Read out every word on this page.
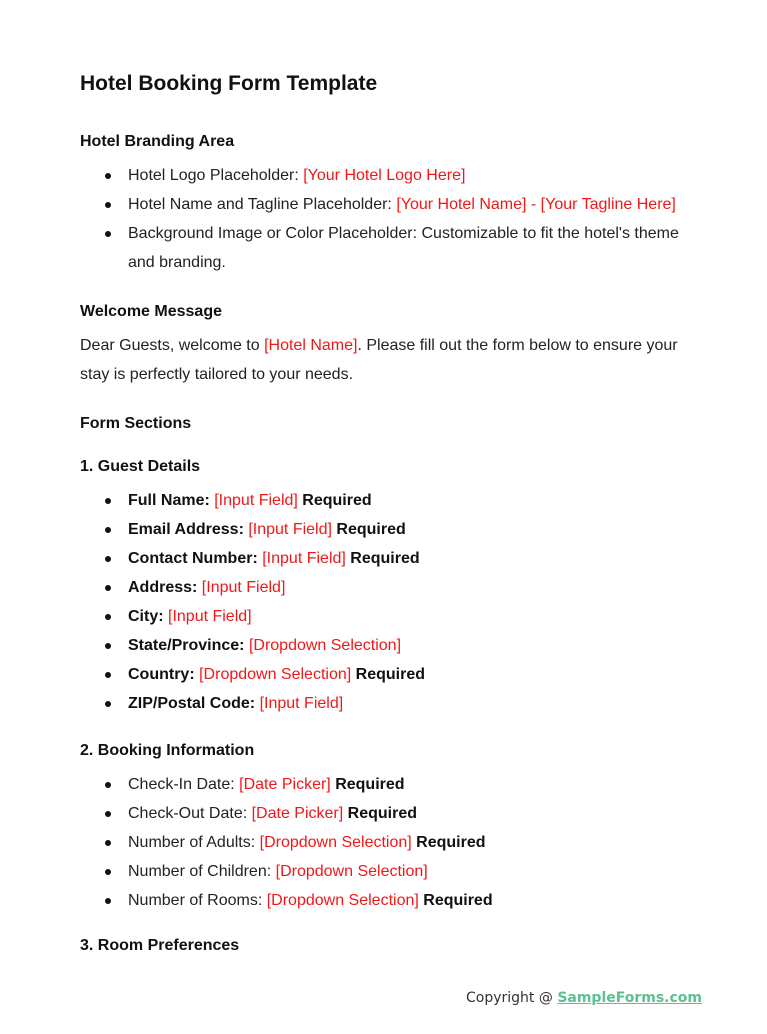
Hotel Booking Form Template
Hotel Branding Area
Hotel Logo Placeholder: [Your Hotel Logo Here]
Hotel Name and Tagline Placeholder: [Your Hotel Name] - [Your Tagline Here]
Background Image or Color Placeholder: Customizable to fit the hotel's theme and branding.
Welcome Message
Dear Guests, welcome to [Hotel Name]. Please fill out the form below to ensure your stay is perfectly tailored to your needs.
Form Sections
1. Guest Details
Full Name: [Input Field] Required
Email Address: [Input Field] Required
Contact Number: [Input Field] Required
Address: [Input Field]
City: [Input Field]
State/Province: [Dropdown Selection]
Country: [Dropdown Selection] Required
ZIP/Postal Code: [Input Field]
2. Booking Information
Check-In Date: [Date Picker] Required
Check-Out Date: [Date Picker] Required
Number of Adults: [Dropdown Selection] Required
Number of Children: [Dropdown Selection]
Number of Rooms: [Dropdown Selection] Required
3. Room Preferences
Copyright @ SampleForms.com
